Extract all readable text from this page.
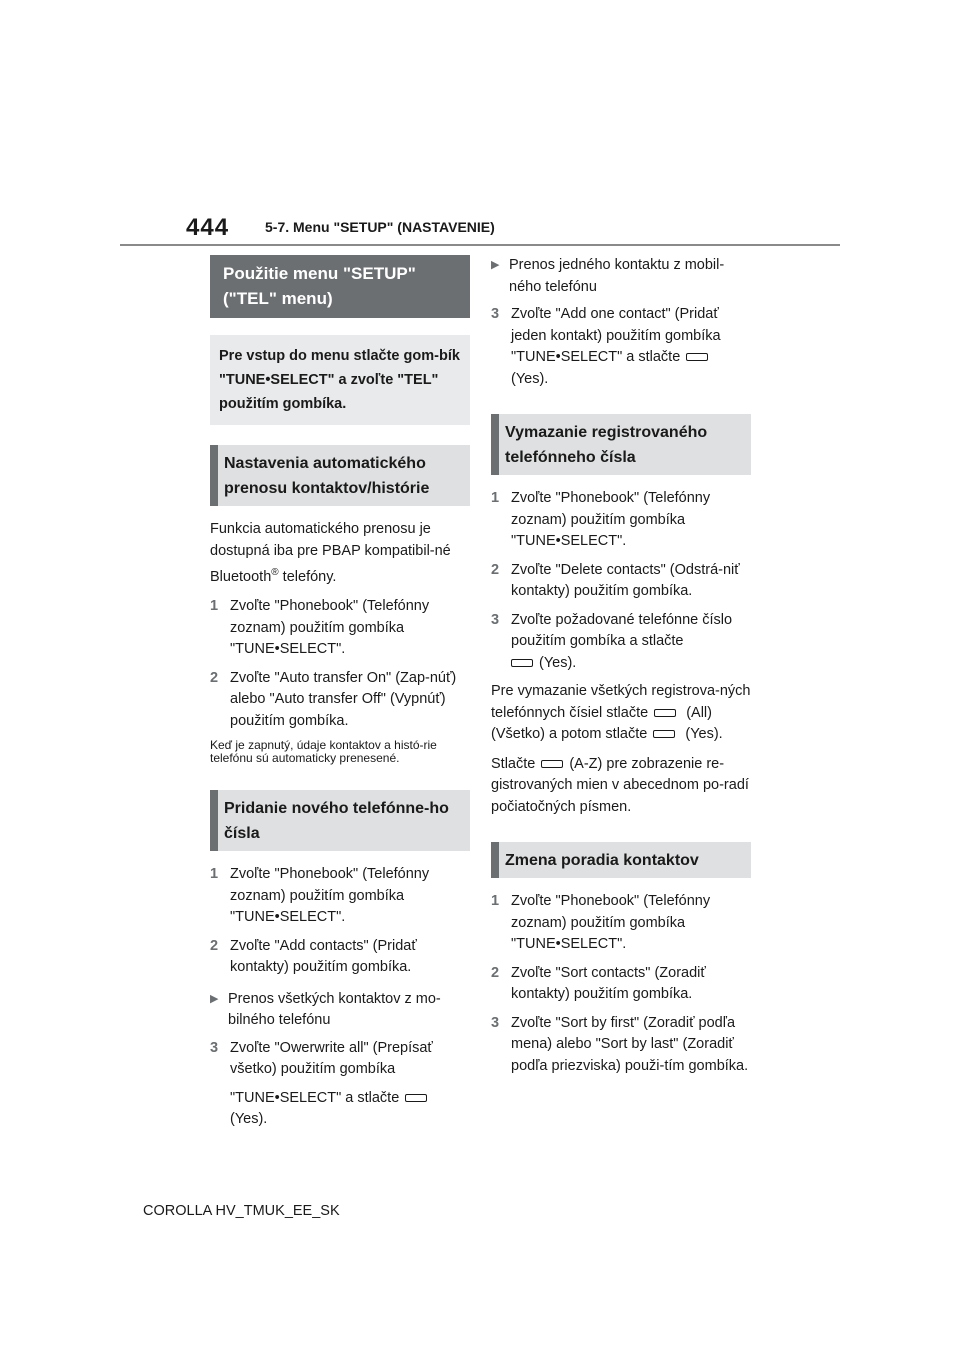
444	5-7. Menu "SETUP" (NASTAVENIE)
Použitie menu "SETUP" ("TEL" menu)
Pre vstup do menu stlačte gom-bík "TUNE•SELECT" a zvoľte "TEL" použitím gombíka.
Nastavenia automatického prenosu kontaktov/histórie

Funkcia automatického prenosu je dostupná iba pre PBAP kompatibil-né Bluetooth® telefóny.

1 Zvoľte "Phonebook" (Telefónny zoznam) použitím gombíka "TUNE•SELECT".
2 Zvoľte "Auto transfer On" (Zap-núť) alebo "Auto transfer Off" (Vypnúť) použitím gombíka.

Keď je zapnutý, údaje kontaktov a histó-rie telefónu sú automaticky prenesené.

Pridanie nového telefónne-ho čísla
1 Zvoľte "Phonebook" (Telefónny zoznam) použitím gombíka "TUNE•SELECT".
2 Zvoľte "Add contacts" (Pridať kontakty) použitím gombíka.
▶ Prenos všetkých kontaktov z mo-bilného telefónu
3 Zvoľte "Owerwrite all" (Prepísať všetko) použitím gombíka

"TUNE•SELECT" a stlačte
(Yes).

▶ Prenos jedného kontaktu z mobil-ného telefónu
3 Zvoľte "Add one contact" (Pridať jeden kontakt) použitím gombíka "TUNE•SELECT" a stlačte
(Yes).
Vymazanie registrovaného telefónneho čísla
1 Zvoľte "Phonebook" (Telefónny zoznam) použitím gombíka "TUNE•SELECT".
2 Zvoľte "Delete contacts" (Odstrá-niť kontakty) použitím gombíka.
3 Zvoľte požadované telefónne číslo použitím gombíka a stlačte
(Yes).

Pre vymazanie všetkých registrova-ných telefónnych čísiel stlačte	(All) (Všetko) a potom stlačte	(Yes).

Stlačte (A-Z) pre zobrazenie re-gistrovaných mien v abecednom po-radí počiatočných písmen.

Zmena poradia kontaktov
1 Zvoľte "Phonebook" (Telefónny zoznam) použitím gombíka "TUNE•SELECT".
2 Zvoľte "Sort contacts" (Zoradiť kontakty) použitím gombíka.
3 Zvoľte "Sort by first" (Zoradiť podľa mena) alebo "Sort by last" (Zoradiť podľa priezviska) použi-tím gombíka.
COROLLA HV_TMUK_EE_SK
